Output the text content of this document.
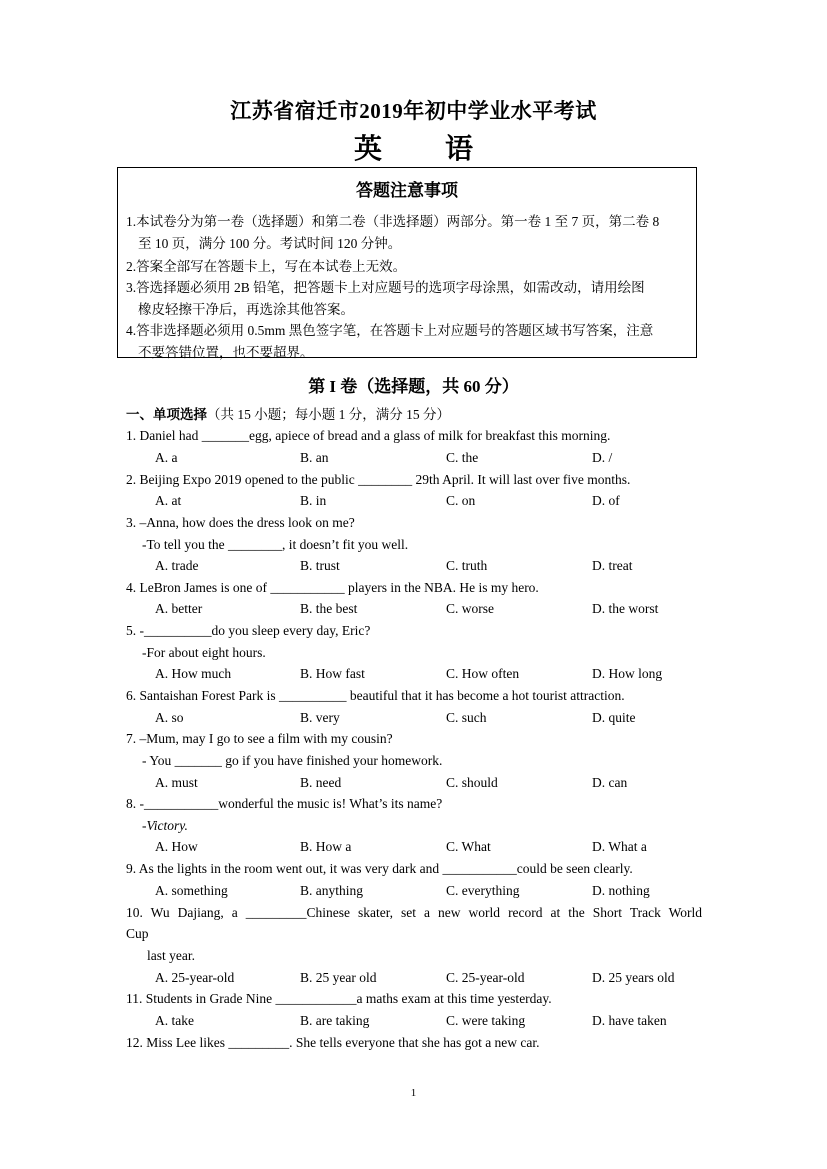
江苏省宿迁市2019年初中学业水平考试
英 语
答题注意事项
1.本试卷分为第一卷（选择题）和第二卷（非选择题）两部分。第一卷 1 至 7 页，第二卷 8
至 10 页，满分 100 分。考试时间 120 分钟。
2.答案全部写在答题卡上，写在本试卷上无效。
3.答选择题必须用 2B 铅笔，把答题卡上对应题号的选项字母涂黑，如需改动，请用绘图
橡皮轻擦干净后，再选涂其他答案。
4.答非选择题必须用 0.5mm 黑色签字笔，在答题卡上对应题号的答题区域书写答案，注意
不要答错位置，也不要超界。
第 I 卷（选择题，共 60 分）
一、单项选择（共 15 小题；每小题 1 分，满分 15 分）
1. Daniel had _______egg, apiece of bread and a glass of milk for breakfast this morning.
A. a	B. an	C. the	D. /
2. Beijing Expo 2019 opened to the public ________ 29th April. It will last over five months.
A. at	B. in	C. on	D. of
3. –Anna, how does the dress look on me?
-To tell you the ________, it doesn’t fit you well.
A. trade	B. trust	C. truth	D. treat
4. LeBron James is one of ___________ players in the NBA. He is my hero.
A. better	B. the best	C. worse	D. the worst
5. -__________do you sleep every day, Eric?
-For about eight hours.
A. How much	B. How fast	C. How often	D. How long
6. Santaishan Forest Park is __________ beautiful that it has become a hot tourist attraction.
A. so	B. very	C. such	D. quite
7. –Mum, may I go to see a film with my cousin?
- You _______ go if you have finished your homework.
A. must	B. need	C. should	D. can
8. -___________wonderful the music is! What’s its name?
-Victory.
A. How	B. How a	C. What	D. What a
9. As the lights in the room went out, it was very dark and ___________could be seen clearly.
A. something	B. anything	C. everything	D. nothing
10. Wu Dajiang, a _________Chinese skater, set a new world record at the Short Track World
Cup
last year.
A. 25-year-old	B. 25 year old	C. 25-year-old	D. 25 years old
11. Students in Grade Nine ____________a maths exam at this time yesterday.
A. take	B. are taking	C. were taking	D. have taken
12. Miss Lee likes _________. She tells everyone that she has got a new car.
1
